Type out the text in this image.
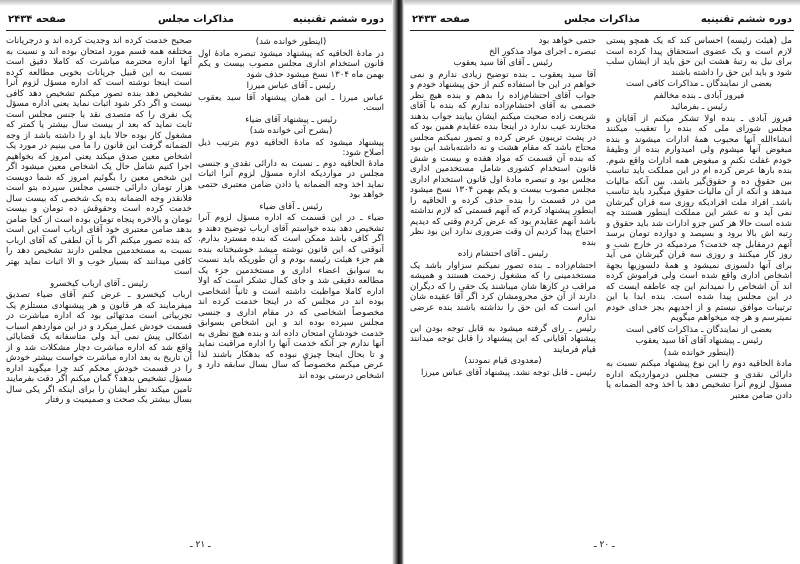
دوره ششم تقنینیه
مذاکرات مجلس
صفحه ۲۴۳۴

(اینطور خوانده شد)

در مادهٔ الحاقیه که پیشنهاد میشود تبصره مادهٔ اول قانون استخدام اداری مجلس مصوب بیست و یکم بهمن ماه ۱۳۰۴ نسخ میشود حذف شود

رئیس ـ آقای عباس میرزا

عباس میرزا ـ این همان پیشنهاد آقا سید یعقوب است.

رئیس ـ پیشنهاد آقای ضیاء

(بشرح آتی خوانده شد)

پیشنهاد میشود که مادهٔ الحاقیه دوم بترتیب ذیل اصلاح شود:

مادهٔ الحاقیه دوم ـ نسبت به دارائی نقدی و جنسی مجلس در مواردیکه اداره مسؤل لزوم آنرا اثبات نماید اخذ وجه الضمانه یا دادن ضامن معتبری حتمی خواهد بود

رئیس ـ آقای ضیاء

ضیاء ـ در این قسمت که اداره مسؤل لزوم آنرا تشخیص دهد بنده خواستم آقای ارباب توضیح دهند و اگر کافی باشد ممکن است که بنده مسترد بدارم. آنوقتی که این قانون نوشته میشد خوشبختانه بنده هم جزء هیئت رئیسه بودم و آن طوریکه باید نسبت به سوابق اعضاء اداری و مستخدمین جزء یک مطالعه دقیقی شد و جای کمال تشکر است که اولا اداره کاملا مواظبت داشته است و ثانیاً اشخاصی بوده اند در مجلس که در اینجا خدمت کرده اند مخصوصاً اشخاصی که در مقام اداری و جنسی مجلس سپرده بوده اند و این اشخاص بسوابق خدمت خودشان امتحان داده اند و بنده هیچ نظری به آنها ندارم جز آنکه خدمت آنها را اداره مراقبت نماید و تا بحال اینجا چیزی نبوده که بدهکار باشند لذا عرض میکنم مخصوصاً که سال بسال سابقه دارد و اشخاص درستی بوده اند

صحیح خدمت کرده اند وجدیت کرده اند و درجریانات مختلفه همه قسم مورد امتحان بوده اند و نسبت به آنها اداره محترمه مباشرت که کاملا دقیق است نسبت به این قبیل جریانات بخوبی مطالعه کرده است اینجا نوشته است که اداره مسؤل لزوم آنرا تشخیص دهد بنده تصور میکنم تشخیص دهد کافی نیست و اگر ذکر شود اثبات نماید یعنی اداره مسؤل یک نفری را که متصدی نقد یا جنس مجلس است ثابت نماید که بعد از بیست سال بیشتر یا کمتر که مشغول کار بوده حالا باید او را داشته باشد از وجه الضمانه گرفت این قانون را ما می بینیم در مورد یک اشخاص معین صدق میکند یعنی امروز که بخواهیم اجرا کنیم شامل حال یک اشخاص معین میشود اگر این شخص معین را بگوئیم امروز که شما دویست هزار تومان دارائی جنسی مجلس سپرده بتو است فلانقدر وجه الضمانه بده یک شخصی که بیست سال خدمت کرده است وحقوقش ده تومان و بیست تومان و بالاخره پنجاه تومان بوده است از کجا ضامن بدهد ضامن معتبری خود آقای ارباب است این است که بنده تصور میکنم اگر با آن لطفی که آقای ارباب نسبت به مستخدمین مجلس دارند تشخیص دهد را کافی میدانند که بسیار خوب و الا اثبات نماید بهتر است

رئیس ـ آقای ارباب کیخسرو

ارباب کیخسرو ـ عرض کنم آقای ضیاء تصدیق میفرمایند که هر قانون و هر پیشنهادی مستلزم یک تجربیاتی است مدتهائی بود که اداره مباشرت در قسمت خودش عمل میکرد و در این مواردهم اسباب اشکالی پیش نمی آید ولی متاسفانه یک قضایائی واقع شد که اداره مباشرت دچار مشکلات شد و از آن تاریخ به بعد اداره مباشرت خواست بیشتر خودش را در قسمت خودش محکم کند چرا میگوید اداره مسؤل تشخیص بدهد؟ گمان میکنم اگر دقت بفرمایند تامین میکند نظر ایشان را برای اینکه اگر یکی سال بسال بیشتر یک صحت و صمیمیت و رفتار

ـ ۲۱ ـ
دوره ششم تقنینیه
مذاکرات مجلس
صفحه ۲۴۳۳

مل (هیئت رئیسه) احساس کند که یک همچو پستی لازم است و یک عضوی استحقاق پیدا کرده است برای نیل به رتبهٔ هشت این حق باید از ایشان سلب شود و باید این حق را داشته باشند

بعضی از نمایندگان ـ مذاکرات کافی است

فیروز آبادی ـ بنده مخالفم

رئیس ـ بفرمائید

فیروز آبادی ـ بنده اولا تشکر میکنم از آقایان و مجلس شورای ملی که بنده را تعقیب میکنند انشاءالله آنها محبوب همهٔ ادارات میشوند و بنده مبغوض آنها میشوم ولی امیدوارم بنده از وظیفهٔ خودم غفلت نکنم و مبغوض همه ادارات واقع شوم. بنده بارها عرض کرده ام در این مملکت باید تناسب بین حقوق ده و حقوق‌گیر باشد. بین آنکه مالیات میدهد و آنکه از آن مالیات حقوق میگیرد باید تناسب باشد. افراد ملت افرادیکه روزی سه قران گیرشان نمی آید و نه عشر این مملکت اینطور هستند چه شده است حالا هر کس جزو ادارات شد باید حقوق و رتبه اش بالا برود و بسیصد و دوازده تومان برسد آنهم درمقابل چه خدمت؟ مردمیکه در خارج شب و روز کار میکنند و روزی سه قران گیرشان می آید برای آنها دلسوزی نمیشود و همهٔ دلسوزیها بجهة اشخاص اداری واقع شده است ولی فراموش کرده اند آن اشخاص را نمیدانم این چه عاطفه ایست که در این مجلس پیدا شده است. بنده ابدا با این ترتیبات موافق نیستم و از احدیهم بجز خدای خودم نمیترسم و هر چه میخواهم میگویم

بعضی از نمایندگان ـ مذاکرات کافی است

رئیس ـ پیشنهاد آقای آقا سید یعقوب

(اینطور خوانده شد)

مادهٔ الحاقیه دوم را این نوع پیشنهاد میکنم نسبت به دارائی نقدی و جنسی مجلس درمواردیکه اداره مسؤل لزوم آنرا تشخیص دهد با اخذ وجه الضمانه یا دادن ضامن معتبر

حتمی خواهد بود

تبصره ـ اجرای مواد مذکور الخ

رئیس ـ آقای آقا سید یعقوب

آقا سید یعقوب ـ بنده توضیح زیادی ندارم و نمی خواهم در این جا استفاده کنم از حق پیشنهاد خودم و جواب آقای احتشام‌زاده را بدهم و بنده هیچ نظر خصمی به آقای احتشام‌زاده ندارم که بنده با آقای شریعت زاده صحبت میکنم ایشان بیایند جواب بدهند مختارند عیب ندارد در اینجا بنده عقایدم همین بود که در پشت تریبون عرض کرده و تصور نمیکنم مجلس محتاج باشد که مقام هشت و نه داشته‌باشد این بود که بنده آن قسمت که مواد هفده و بیست و شش قانون استخدام کشوری شامل مستخدمین اداری مجلس بود و تبصره مادهٔ اول قانون استخدام اداری مجلس مصوب بیست و یکم بهمن ۱۳۰۴ نسخ میشود من در قسمت را بنده حذف کرده و الحاقیه را اینطور پیشنهاد کردم که آنهم قسمتی که لازم نداشته باشد آنهم عقایدم بود که عرض کردم وقتی که دیدیم احتیاج پیدا کردیم آن وقت ضروری ندارد این بود نظر بنده

رئیس ـ آقای احتشام زاده

احتشام‌زاده ـ بنده تصور نمیکنم سزاوار باشد یک مستخدمینی را که مشغول زحمت هستند و همیشه مراقب در کارها شان میباشند یک حقی را که دیگران دارند از آن حق محرومشان کرد اگر آقا عقیده شان این است که این حق را نداشته باشند بنده عرضی ندارم

رئیس ـ رای گرفته میشود به قابل توجه بودن این پیشنهاد آقایانی که این پیشنهاد را قابل توجه میدانند قیام فرمایند

(معدودی قیام نمودند)

رئیس ـ قابل توجه نشد. پیشنهاد آقای عباس میرزا

ـ ۲۰ ـ
